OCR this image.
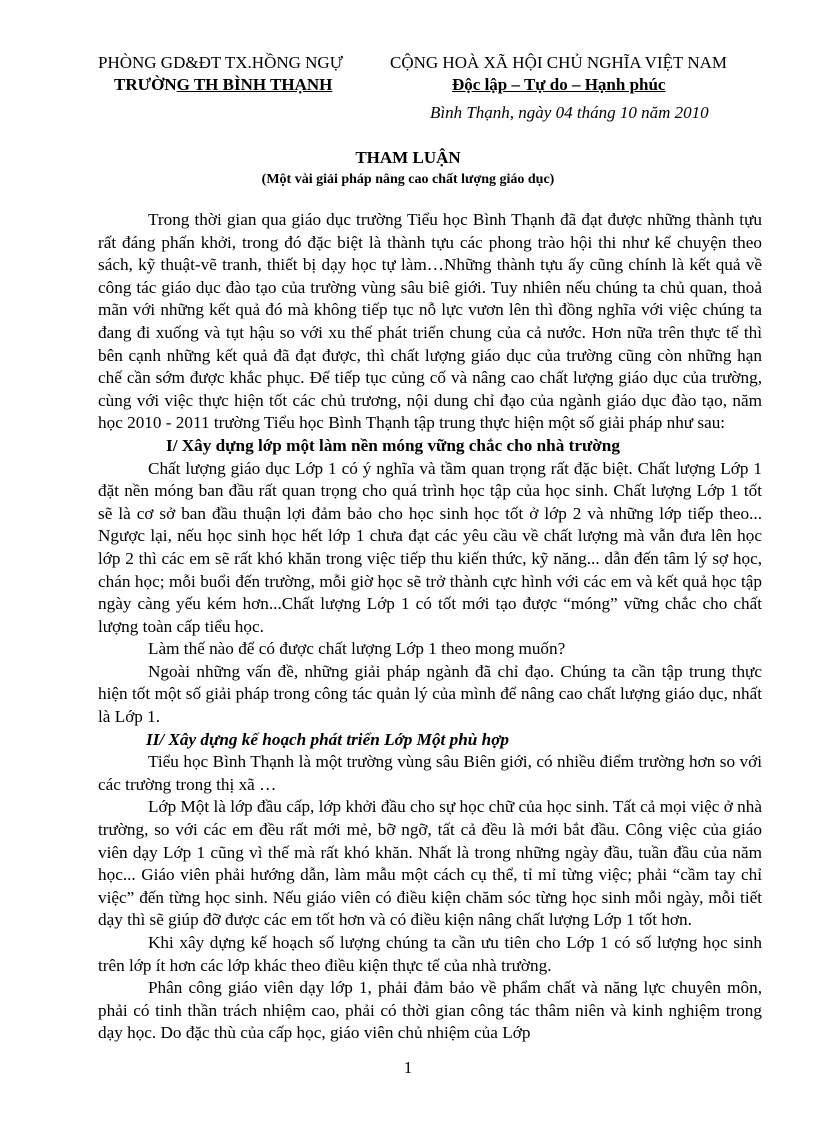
PHÒNG GD&ĐT TX.HỒNG NGỰ
TRƯỜNG TH BÌNH THẠNH
CỘNG HOÀ XÃ HỘI CHỦ NGHĨA VIỆT NAM
Độc lập – Tự do – Hạnh phúc
Bình Thạnh, ngày 04 tháng 10 năm 2010
THAM LUẬN
(Một vài giải pháp nâng cao chất lượng giáo dục)

Trong thời gian qua giáo dục trường Tiểu học Bình Thạnh đã đạt được những thành tựu rất đáng phấn khởi, trong đó đặc biệt là thành tựu các phong trào hội thi như kể chuyện theo sách, kỹ thuật-vẽ tranh, thiết bị dạy học tự làm…Những thành tựu ấy cũng chính là kết quả về công tác giáo dục đào tạo của trường vùng sâu biê giới. Tuy nhiên nếu chúng ta chủ quan, thoả mãn với những kết quả đó mà không tiếp tục nỗ lực vươn lên thì đồng nghĩa với việc chúng ta đang đi xuống và tụt hậu so với xu thế phát triển chung của cả nước. Hơn nữa trên thực tế thì bên cạnh những kết quả đã đạt được, thì chất lượng giáo dục của trường cũng còn những hạn chế cần sớm được khắc phục. Để tiếp tục củng cố và nâng cao chất lượng giáo dục của trường, cùng với việc thực hiện tốt các chủ trương, nội dung chỉ đạo của ngành giáo dục đào tạo, năm học 2010 - 2011 trường Tiểu học Bình Thạnh tập trung thực hiện một số giải pháp như sau:

I/ Xây dựng lớp một làm nền móng vững chắc cho nhà trường

Chất lượng giáo dục Lớp 1 có ý nghĩa và tầm quan trọng rất đặc biệt. Chất lượng Lớp 1 đặt nền móng ban đầu rất quan trọng cho quá trình học tập của học sinh. Chất lượng Lớp 1 tốt sẽ là cơ sở ban đầu thuận lợi đảm bảo cho học sinh học tốt ở lớp 2 và những lớp tiếp theo... Ngược lại, nếu học sinh học hết lớp 1 chưa đạt các yêu cầu về chất lượng mà vẫn đưa lên học lớp 2 thì các em sẽ rất khó khăn trong việc tiếp thu kiến thức, kỹ năng... dẫn đến tâm lý sợ học, chán học; mỗi buổi đến trường, mỗi giờ học sẽ trở thành cực hình với các em và kết quả học tập ngày càng yếu kém hơn...Chất lượng Lớp 1 có tốt mới tạo được “móng” vững chắc cho chất lượng toàn cấp tiểu học.

Làm thế nào để có được chất lượng Lớp 1 theo mong muốn?

Ngoài những vấn đề, những giải pháp ngành đã chỉ đạo. Chúng ta cần tập trung thực hiện tốt một số giải pháp trong công tác quản lý của mình để nâng cao chất lượng giáo dục, nhất là Lớp 1.

II/ Xây dựng kế hoạch phát triển Lớp Một phù hợp

Tiểu học Bình Thạnh là một trường vùng sâu Biên giới, có nhiều điểm trường hơn so với các trường trong thị xã …

Lớp Một là lớp đầu cấp, lớp khởi đầu cho sự học chữ của học sinh. Tất cả mọi việc ở nhà trường, so với các em đều rất mới mẻ, bỡ ngỡ, tất cả đều là mới bắt đầu. Công việc của giáo viên dạy Lớp 1 cũng vì thế mà rất khó khăn. Nhất là trong những ngày đầu, tuần đầu của năm học... Giáo viên phải hướng dẫn, làm mẫu một cách cụ thể, tỉ mỉ từng việc; phải “cầm tay chỉ việc” đến từng học sinh. Nếu giáo viên có điều kiện chăm sóc từng học sinh mỗi ngày, mỗi tiết dạy thì sẽ giúp đỡ được các em tốt hơn và có điều kiện nâng chất lượng Lớp 1 tốt hơn.

Khi xây dựng kế hoạch số lượng chúng ta cần ưu tiên cho Lớp 1 có số lượng học sinh trên lớp ít hơn các lớp khác theo điều kiện thực tế của nhà trường.

Phân công giáo viên dạy lớp 1, phải đảm bảo về phẩm chất và năng lực chuyên môn, phải có tinh thần trách nhiệm cao, phải có thời gian công tác thâm niên và kinh nghiệm trong dạy học. Do đặc thù của cấp học, giáo viên chủ nhiệm của Lớp

1
